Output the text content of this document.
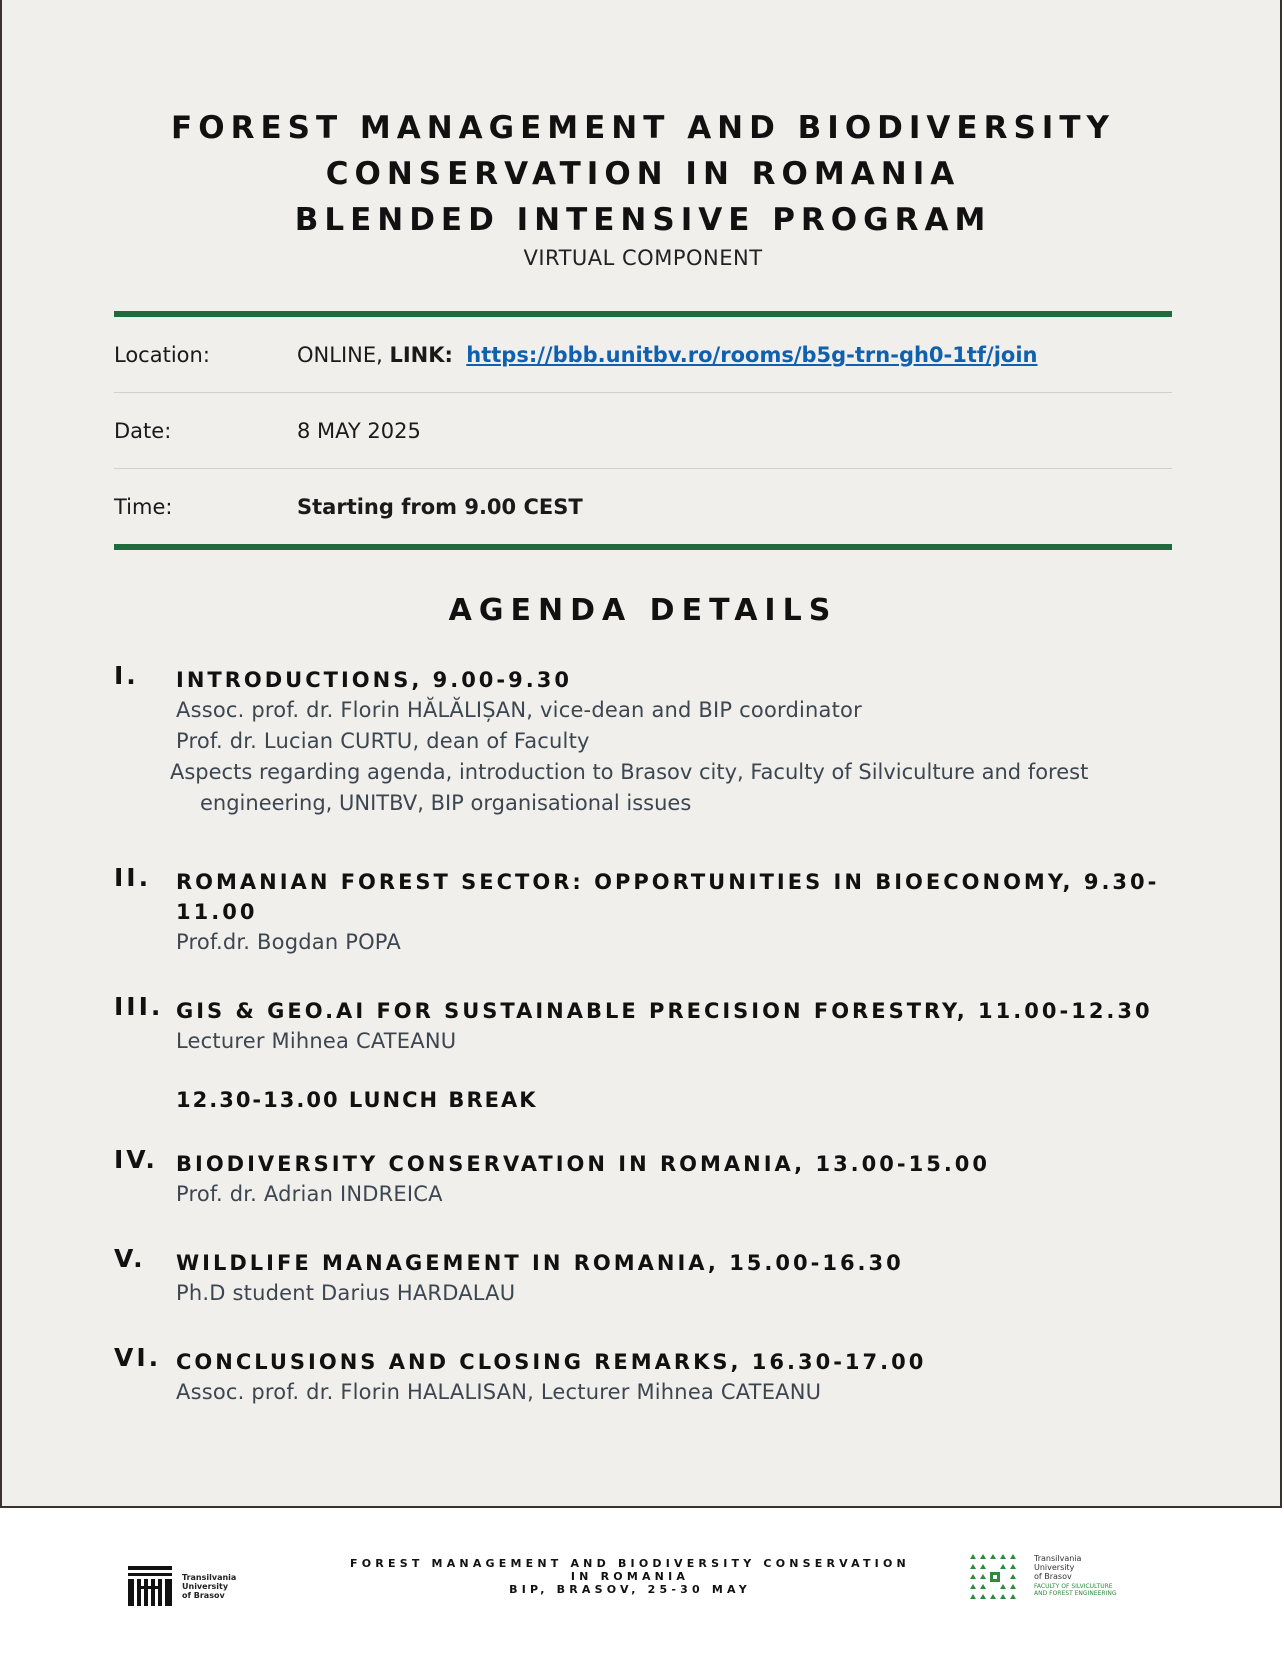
FOREST MANAGEMENT AND BIODIVERSITY
CONSERVATION IN ROMANIA
BLENDED INTENSIVE PROGRAM
VIRTUAL COMPONENT
Location:	ONLINE, LINK: https://bbb.unitbv.ro/rooms/b5g-trn-gh0-1tf/join
Date:	8 MAY 2025
Time:	Starting from 9.00 CEST
AGENDA DETAILS
I. INTRODUCTIONS, 9.00-9.30
Assoc. prof. dr. Florin HĂLĂLIȘAN, vice-dean and BIP coordinator
Prof. dr. Lucian CURTU, dean of Faculty
Aspects regarding agenda, introduction to Brasov city, Faculty of Silviculture and forest
engineering, UNITBV, BIP organisational issues
II. ROMANIAN FOREST SECTOR: OPPORTUNITIES IN BIOECONOMY, 9.30-11.00
Prof.dr. Bogdan POPA
III. GIS & GEO.AI FOR SUSTAINABLE PRECISION FORESTRY, 11.00-12.30
Lecturer Mihnea CATEANU
12.30-13.00 LUNCH BREAK
IV. BIODIVERSITY CONSERVATION IN ROMANIA, 13.00-15.00
Prof. dr. Adrian INDREICA
V. WILDLIFE MANAGEMENT IN ROMANIA, 15.00-16.30
Ph.D student Darius HARDALAU
VI. CONCLUSIONS AND CLOSING REMARKS, 16.30-17.00
Assoc. prof. dr. Florin HALALISAN, Lecturer Mihnea CATEANU
Transilvania
University
of Brasov
FOREST MANAGEMENT AND BIODIVERSITY CONSERVATION
IN ROMANIA
BIP, BRASOV, 25-30 MAY
Transilvania
University
of Brasov
FACULTY OF SILVICULTURE
AND FOREST ENGINEERING
